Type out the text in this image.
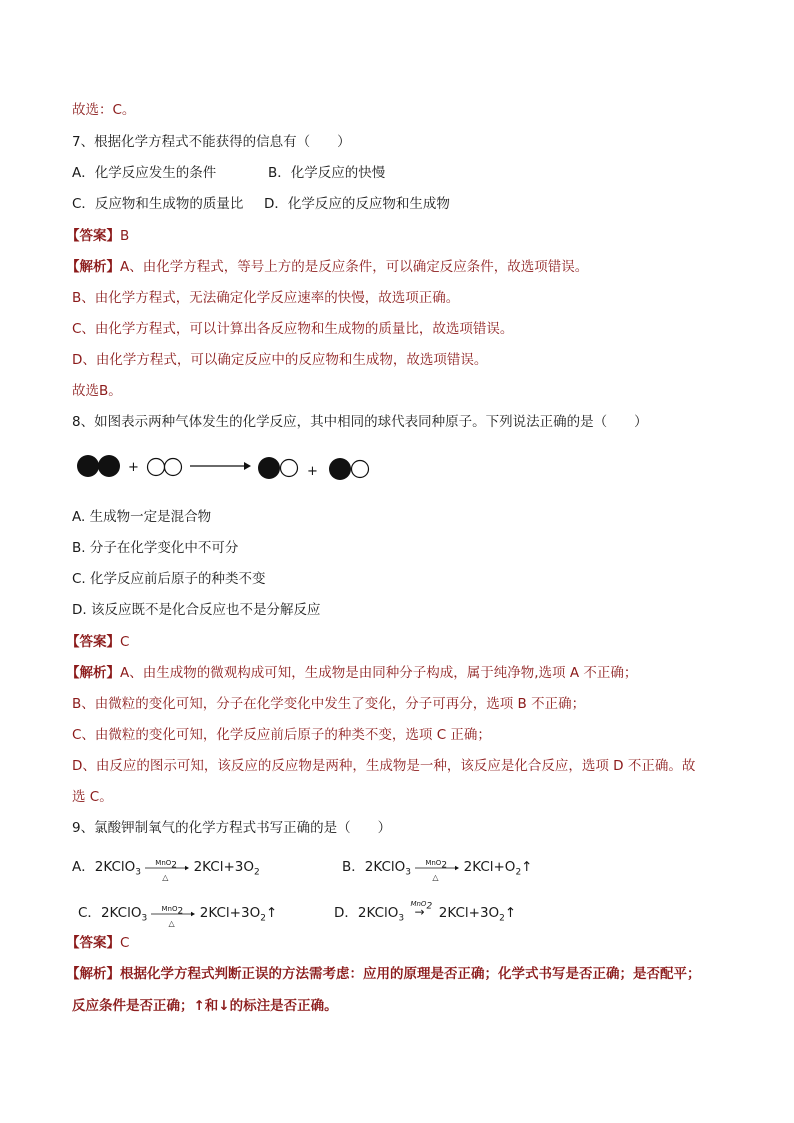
故选：C。
7、根据化学方程式不能获得的信息有（　　）
A．化学反应发生的条件	B．化学反应的快慢
C．反应物和生成物的质量比 D．化学反应的反应物和生成物
【答案】B
【解析】A、由化学方程式，等号上方的是反应条件，可以确定反应条件，故选项错误。
B、由化学方程式，无法确定化学反应速率的快慢，故选项正确。
C、由化学方程式，可以计算出各反应物和生成物的质量比，故选项错误。
D、由化学方程式，可以确定反应中的反应物和生成物，故选项错误。
故选B。
8、如图表示两种气体发生的化学反应，其中相同的球代表同种原子。下列说法正确的是（　　）
+	+
A. 生成物一定是混合物
B. 分子在化学变化中不可分
C. 化学反应前后原子的种类不变
D. 该反应既不是化合反应也不是分解反应
【答案】C
【解析】A、由生成物的微观构成可知，生成物是由同种分子构成，属于纯净物,选项 A 不正确；
B、由微粒的变化可知，分子在化学变化中发生了变化，分子可再分，选项 B 不正确；
C、由微粒的变化可知，化学反应前后原子的种类不变，选项 C 正确；
D、由反应的图示可知，该反应的反应物是两种，生成物是一种，该反应是化合反应，选项 D 不正确。故
选 C。
9、氯酸钾制氧气的化学方程式书写正确的是（　　）
A．2KClO$_3$
MnO$_2$
△
$2KCl+3O_2$	B．2KClO$_3$
MnO$_2$
△
$2KCl+O_2↑$
C．2KClO$_3$
MnO$_2$
△
$2KCl+3O_2↑$	D．2KClO$_3$
MnO$_2$
→ $2KCl+3O_2↑$
【答案】C
【解析】根据化学方程式判断正误的方法需考虑：应用的原理是否正确；化学式书写是否正确；是否配平；
反应条件是否正确；↑和↓的标注是否正确。
